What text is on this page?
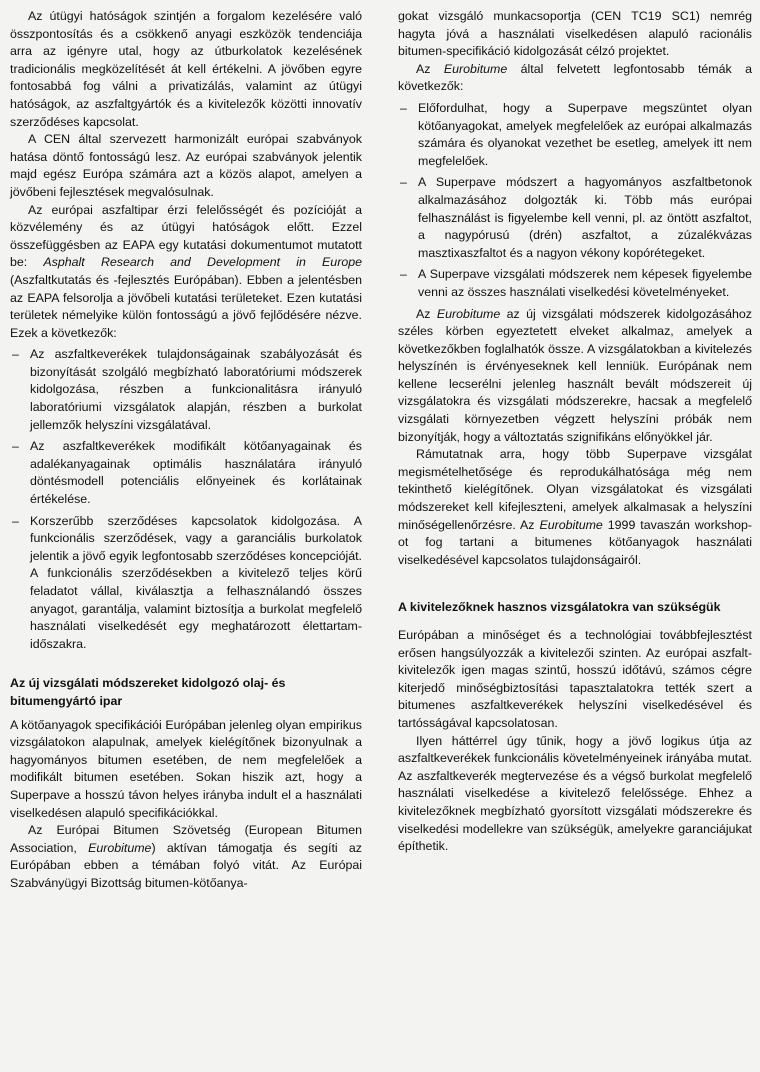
Az útügyi hatóságok szintjén a forgalom kezelésére való összpontosítás és a csökkenő anyagi eszközök tendenciája arra az igényre utal, hogy az útburkolatok kezelésének tradicionális megközelítését át kell értékelni. A jövőben egyre fontosabbá fog válni a privatizálás, valamint az útügyi hatóságok, az aszfaltgyártók és a kivitelezők közötti innovatív szerződéses kapcsolat.

A CEN által szervezett harmonizált európai szabványok hatása döntő fontosságú lesz. Az európai szabványok jelentik majd egész Európa számára azt a közös alapot, amelyen a jövőbeni fejlesztések megvalósulnak.

Az európai aszfaltipar érzi felelősségét és pozícióját a közvélemény és az útügyi hatóságok előtt. Ezzel összefüggésben az EAPA egy kutatási dokumentumot mutatott be: Asphalt Research and Development in Europe (Aszfaltkutatás és -fejlesztés Európában). Ebben a jelentésben az EAPA felsorolja a jövőbeli kutatási területeket. Ezen kutatási területek némelyike külön fontosságú a jövő fejlődésére nézve. Ezek a következők:

– Az aszfaltkeverékek tulajdonságainak szabályozását és bizonyítását szolgáló megbízható laboratóriumi módszerek kidolgozása, részben a funkcionalitásra irányuló laboratóriumi vizsgálatok alapján, részben a burkolat jellemzők helyszíni vizsgálatával.
– Az aszfaltkeverékek modifikált kötőanyagainak és adalékanyagainak optimális használatára irányuló döntésmodell potenciális előnyeinek és korlátainak értékelése.
– Korszerűbb szerződéses kapcsolatok kidolgozása. A funkcionális szerződések, vagy a garanciális burkolatok jelentik a jövő egyik legfontosabb szerződéses koncepcióját. A funkcionális szerződésekben a kivitelező teljes körű feladatot vállal, kiválasztja a felhasználandó összes anyagot, garantálja, valamint biztosítja a burkolat megfelelő használati viselkedését egy meghatározott élettartam-időszakra.
Az új vizsgálati módszereket kidolgozó olaj- és bitumengyártó ipar

A kötőanyagok specifikációi Európában jelenleg olyan empirikus vizsgálatokon alapulnak, amelyek kielégítőnek bizonyulnak a hagyományos bitumen esetében, de nem megfelelőek a modifikált bitumen esetében. Sokan hiszik azt, hogy a Superpave a hosszú távon helyes irányba indult el a használati viselkedésen alapuló specifikációkkal.

Az Európai Bitumen Szövetség (European Bitumen Association, Eurobitume) aktívan támogatja és segíti az Európában ebben a témában folyó vitát. Az Európai Szabványügyi Bizottság bitumen-kötőanya-

gokat vizsgáló munkacsoportja (CEN TC19 SC1) nemrég hagyta jóvá a használati viselkedésen alapuló racionális bitumen-specifikáció kidolgozását célzó projektet.

Az Eurobitume által felvetett legfontosabb témák a következők:

– Előfordulhat, hogy a Superpave megszüntet olyan kötőanyagokat, amelyek megfelelőek az európai alkalmazás számára és olyanokat vezethet be esetleg, amelyek itt nem megfelelőek.
– A Superpave módszert a hagyományos aszfaltbetonok alkalmazásához dolgozták ki. Több más európai felhasználást is figyelembe kell venni, pl. az öntött aszfaltot, a nagypórusú (drén) aszfaltot, a zúzalékvázas masztixaszfaltot és a nagyon vékony kopórétegeket.
– A Superpave vizsgálati módszerek nem képesek figyelembe venni az összes használati viselkedési követelményeket.

Az Eurobitume az új vizsgálati módszerek kidolgozásához széles körben egyeztetett elveket alkalmaz, amelyek a következőkben foglalhatók össze. A vizsgálatokban a kivitelezés helyszínén is érvényeseknek kell lenniük. Európának nem kellene lecserélni jelenleg használt bevált módszereit új vizsgálatokra és vizsgálati módszerekre, hacsak a megfelelő vizsgálati környezetben végzett helyszíni próbák nem bizonyítják, hogy a változtatás szignifikáns előnyökkel jár.

Rámutatnak arra, hogy több Superpave vizsgálat megismételhetősége és reprodukálhatósága még nem tekinthető kielégítőnek. Olyan vizsgálatokat és vizsgálati módszereket kell kifejleszteni, amelyek alkalmasak a helyszíni minőségellenőrzésre. Az Eurobitume 1999 tavaszán workshop-ot fog tartani a bitumenes kötőanyagok használati viselkedésével kapcsolatos tulajdonságairól.

A kivitelezőknek hasznos vizsgálatokra van szükségük

Európában a minőséget és a technológiai továbbfejlesztést erősen hangsúlyozzák a kivitelezői szinten. Az európai aszfalt-kivitelezők igen magas szintű, hosszú időtávú, számos cégre kiterjedő minőségbiztosítási tapasztalatokra tették szert a bitumenes aszfaltkeverékek helyszíni viselkedésével és tartósságával kapcsolatosan.

Ilyen háttérrel úgy tűnik, hogy a jövő logikus útja az aszfaltkeverékek funkcionális követelményeinek irányába mutat. Az aszfaltkeverék megtervezése és a végső burkolat megfelelő használati viselkedése a kivitelező felelőssége. Ehhez a kivitelezőknek megbízható gyorsított vizsgálati módszerekre és viselkedési modellekre van szükségük, amelyekre garanciájukat építhetik.
